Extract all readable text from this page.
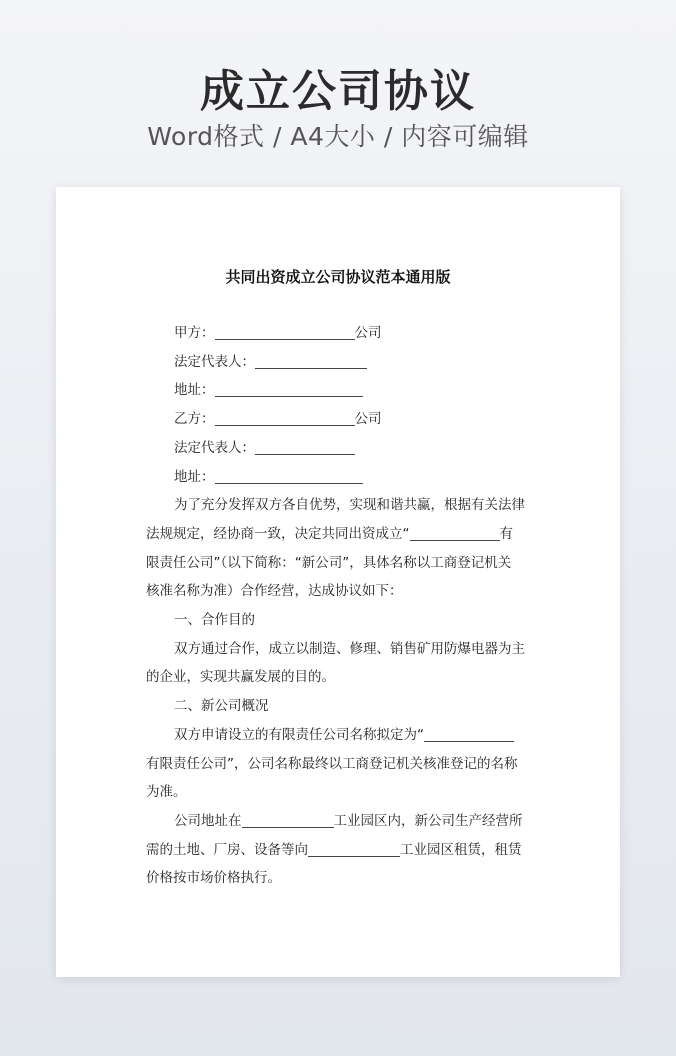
成立公司协议
Word格式 / A4大小 / 内容可编辑
共同出资成立公司协议范本通用版
甲方：	公司
法定代表人：
地址：
乙方：	公司
法定代表人：
地址：
为了充分发挥双方各自优势，实现和谐共赢，根据有关法律
法规规定，经协商一致，决定共同出资成立“	有
限责任公司”（以下简称：“新公司”，具体名称以工商登记机关
核准名称为准）合作经营，达成协议如下：
一、合作目的
双方通过合作，成立以制造、修理、销售矿用防爆电器为主
的企业，实现共赢发展的目的。
二、新公司概况
双方申请设立的有限责任公司名称拟定为“
有限责任公司”，公司名称最终以工商登记机关核准登记的名称
为准。
公司地址在	工业园区内，新公司生产经营所
需的土地、厂房、设备等向	工业园区租赁，租赁
价格按市场价格执行。
